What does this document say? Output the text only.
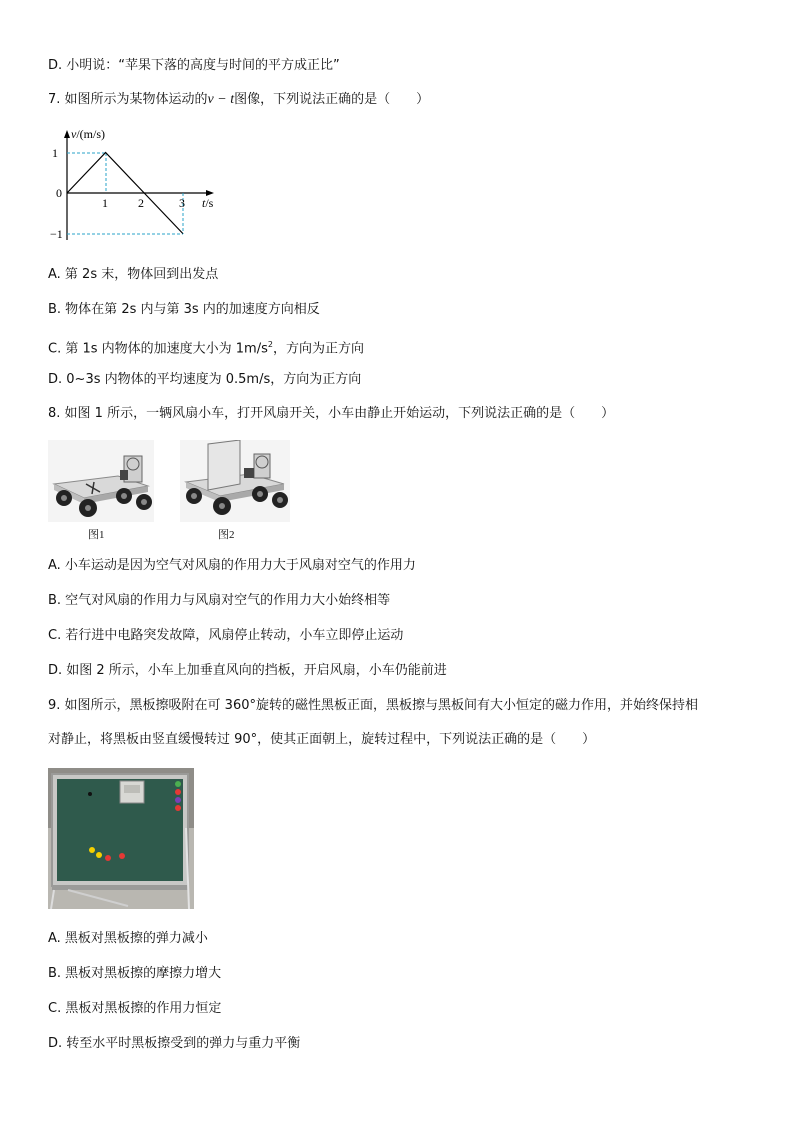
D. 小明说：“苹果下落的高度与时间的平方成正比”
7. 如图所示为某物体运动的v − t图像，下列说法正确的是（　　）
v/(m/s)
1
0
−1
1	2	3 t/s
A. 第 2s 末，物体回到出发点
B. 物体在第 2s 内与第 3s 内的加速度方向相反
C. 第 1s 内物体的加速度大小为 $1m/s^2$，方向为正方向
D. 0~3s 内物体的平均速度为 0.5m/s，方向为正方向
8. 如图 1 所示，一辆风扇小车，打开风扇开关，小车由静止开始运动，下列说法正确的是（　　）
图1	图2
A. 小车运动是因为空气对风扇的作用力大于风扇对空气的作用力
B. 空气对风扇的作用力与风扇对空气的作用力大小始终相等
C. 若行进中电路突发故障，风扇停止转动，小车立即停止运动
D. 如图 2 所示，小车上加垂直风向的挡板，开启风扇，小车仍能前进
9. 如图所示，黑板擦吸附在可 360°旋转的磁性黑板正面，黑板擦与黑板间有大小恒定的磁力作用，并始终保持相
对静止，将黑板由竖直缓慢转过 90°，使其正面朝上，旋转过程中，下列说法正确的是（　　）
A. 黑板对黑板擦的弹力减小
B. 黑板对黑板擦的摩擦力增大
C. 黑板对黑板擦的作用力恒定
D. 转至水平时黑板擦受到的弹力与重力平衡
